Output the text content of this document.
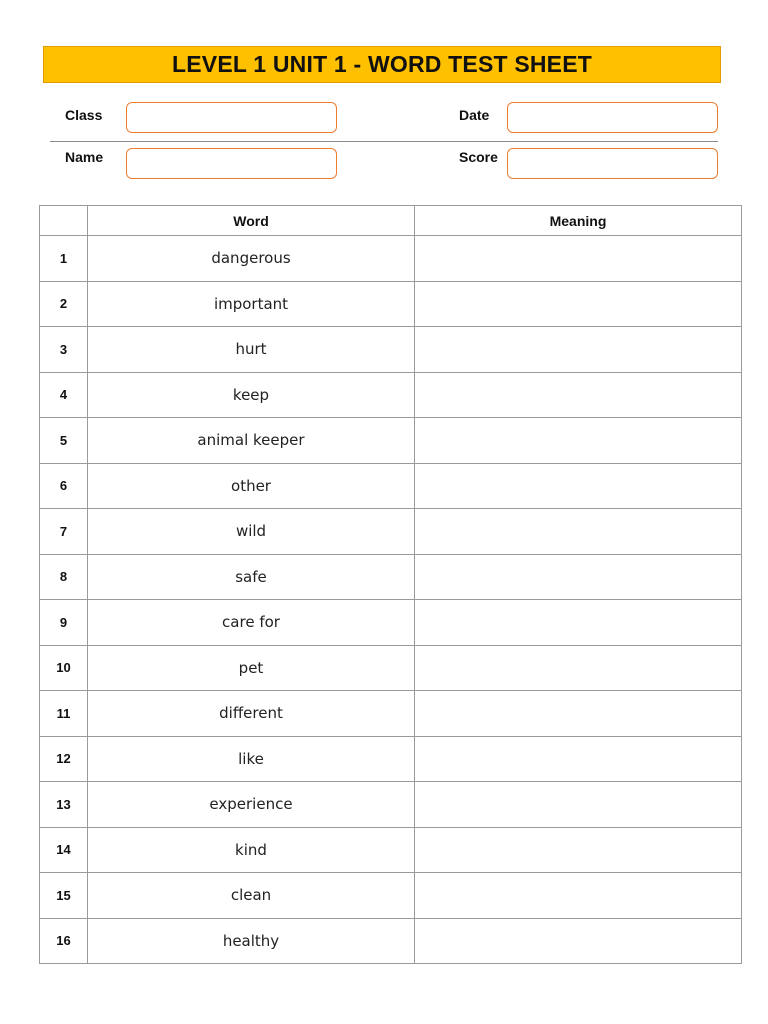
LEVEL 1 UNIT 1 - WORD TEST SHEET
Class	Date
Name	Score
	Word	Meaning
1	dangerous	
2	important	
3	hurt	
4	keep	
5	animal keeper	
6	other	
7	wild	
8	safe	
9	care for	
10	pet	
11	different	
12	like	
13	experience	
14	kind	
15	clean	
16	healthy	
